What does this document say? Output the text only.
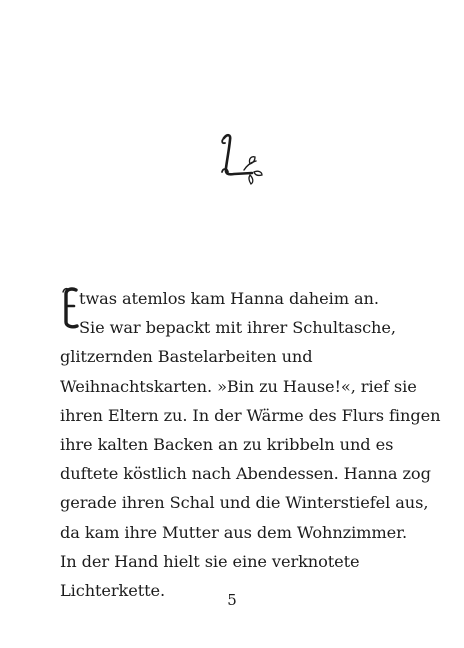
twas atemlos kam Hanna daheim an.
Sie war bepackt mit ihrer Schultasche,
glitzernden Bastelarbeiten und
Weihnachtskarten. »Bin zu Hause!«, rief sie
ihren Eltern zu. In der Wärme des Flurs fingen
ihre kalten Backen an zu kribbeln und es
duftete köstlich nach Abendessen. Hanna zog
gerade ihren Schal und die Winterstiefel aus,
da kam ihre Mutter aus dem Wohnzimmer.
In der Hand hielt sie eine verknotete
Lichterkette.
5
